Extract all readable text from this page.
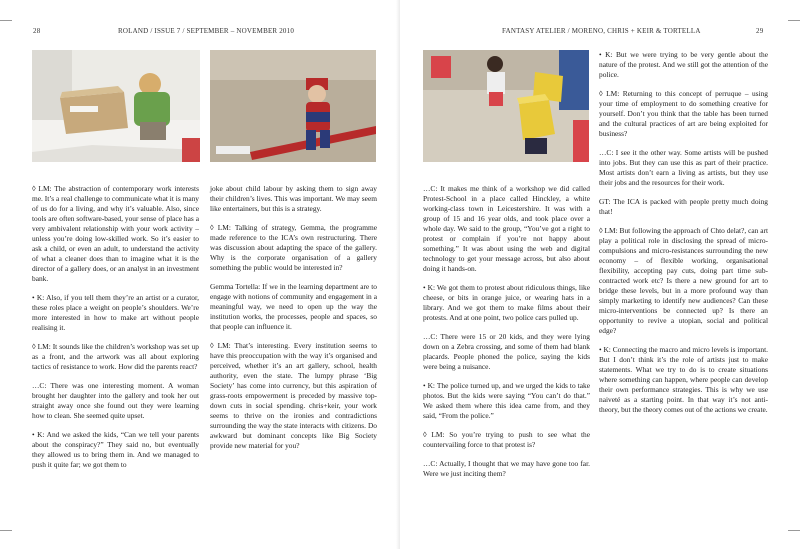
28	ROLAND / ISSUE 7 / SEPTEMBER – NOVEMBER 2010

◊ LM: The abstraction of contemporary work interests me. It’s a real challenge to communicate what it is many of us do for a living, and why it’s valuable. Also, since tools are often software-based, your sense of place has a very ambivalent relationship with your work activity – unless you’re doing low-skilled work. So it’s easier to ask a child, or even an adult, to understand the activity of what a cleaner does than to imagine what it is the director of a gallery does, or an analyst in an investment bank.

• K: Also, if you tell them they’re an artist or a curator, these roles place a weight on people’s shoulders. We’re more interested in how to make art without people realising it.

◊ LM: It sounds like the children’s workshop was set up as a front, and the artwork was all about exploring tactics of resistance to work. How did the parents react?

…C: There was one interesting moment. A woman brought her daughter into the gallery and took her out straight away once she found out they were learning how to clean. She seemed quite upset.

• K: And we asked the kids, “Can we tell your parents about the conspiracy?” They said no, but eventually they allowed us to bring them in. And we managed to push it quite far; we got them to

joke about child labour by asking them to sign away their children’s lives. This was important. We may seem like entertainers, but this is a strategy.

◊ LM: Talking of strategy, Gemma, the programme made reference to the ICA’s own restructuring. There was discussion about adapting the space of the gallery. Why is the corporate organisation of a gallery something the public would be interested in?

Gemma Tortella: If we in the learning department are to engage with notions of community and engagement in a meaningful way, we need to open up the way the institution works, the processes, people and spaces, so that people can influence it.

◊ LM: That’s interesting. Every institution seems to have this preoccupation with the way it’s organised and perceived, whether it’s an art gallery, school, health authority, even the state. The lumpy phrase ‘Big Society’ has come into currency, but this aspiration of grass-roots empowerment is preceded by massive top-down cuts in social spending. chris+keir, your work seems to thrive on the ironies and contradictions surrounding the way the state interacts with citizens. Do awkward but dominant concepts like Big Society provide new material for you?

FANTASY ATELIER / MORENO, CHRIS + KEIR & TORTELLA	29

…C: It makes me think of a workshop we did called Protest-School in a place called Hinckley, a white working-class town in Leicestershire. It was with a group of 15 and 16 year olds, and took place over a whole day. We said to the group, “You’ve got a right to protest or complain if you’re not happy about something.” It was about using the web and digital technology to get your message across, but also about doing it hands-on.

• K: We got them to protest about ridiculous things, like cheese, or bits in orange juice, or wearing hats in a library. And we got them to make films about their protests. And at one point, two police cars pulled up.

…C: There were 15 or 20 kids, and they were lying down on a Zebra crossing, and some of them had blank placards. People phoned the police, saying the kids were being a nuisance.

• K: The police turned up, and we urged the kids to take photos. But the kids were saying “You can’t do that.” We asked them where this idea came from, and they said, “From the police.”

◊ LM: So you’re trying to push to see what the countervailing force to that protest is?

…C: Actually, I thought that we may have gone too far. Were we just inciting them?

• K: But we were trying to be very gentle about the nature of the protest. And we still got the attention of the police.

◊ LM: Returning to this concept of perruque – using your time of employment to do something creative for yourself. Don’t you think that the table has been turned and the cultural practices of art are being exploited for business?

…C: I see it the other way. Some artists will be pushed into jobs. But they can use this as part of their practice. Most artists don’t earn a living as artists, but they use their jobs and the resources for their work.

GT: The ICA is packed with people pretty much doing that!

◊ LM: But following the approach of Chto delat?, can art play a political role in disclosing the spread of micro-compulsions and micro-resistances surrounding the new economy – of flexible working, organisational flexibility, accepting pay cuts, doing part time sub-contracted work etc? Is there a new ground for art to bridge these levels, but in a more profound way than simply marketing to identify new audiences? Can these micro-interventions be connected up? Is there an opportunity to revive a utopian, social and political edge?

• K: Connecting the macro and micro levels is important. But I don’t think it’s the role of artists just to make statements. What we try to do is to create situations where something can happen, where people can develop their own performance strategies. This is why we use naiveté as a starting point. In that way it’s not anti-theory, but the theory comes out of the actions we create.
